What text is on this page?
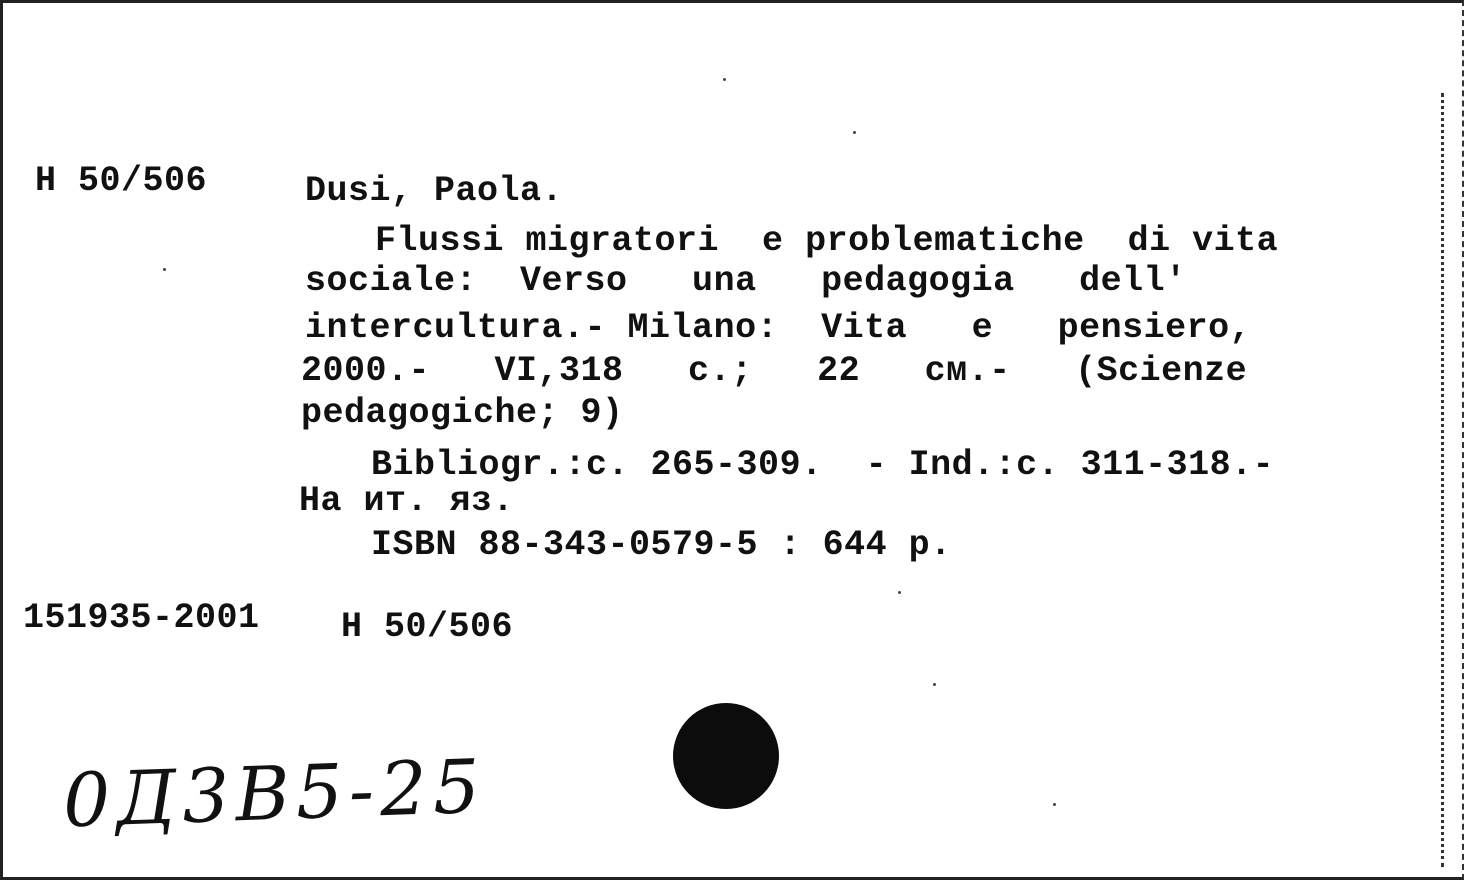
Н 50/506	Dusi, Paola.
Flussi migratori  e problematiche  di vita
sociale:  Verso   una   pedagogia   dell'
intercultura.- Milano:  Vita   e   pensiero,
2000.-   VI,318   c.;   22   см.-   (Scienze
pedagogiche; 9)
Bibliogr.:c. 265-309.  - Ind.:c. 311-318.-
На ит. яз.
ISBN 88-343-0579-5 : 644 p.
151935-2001 Н 50/506
0Д3B5-25
